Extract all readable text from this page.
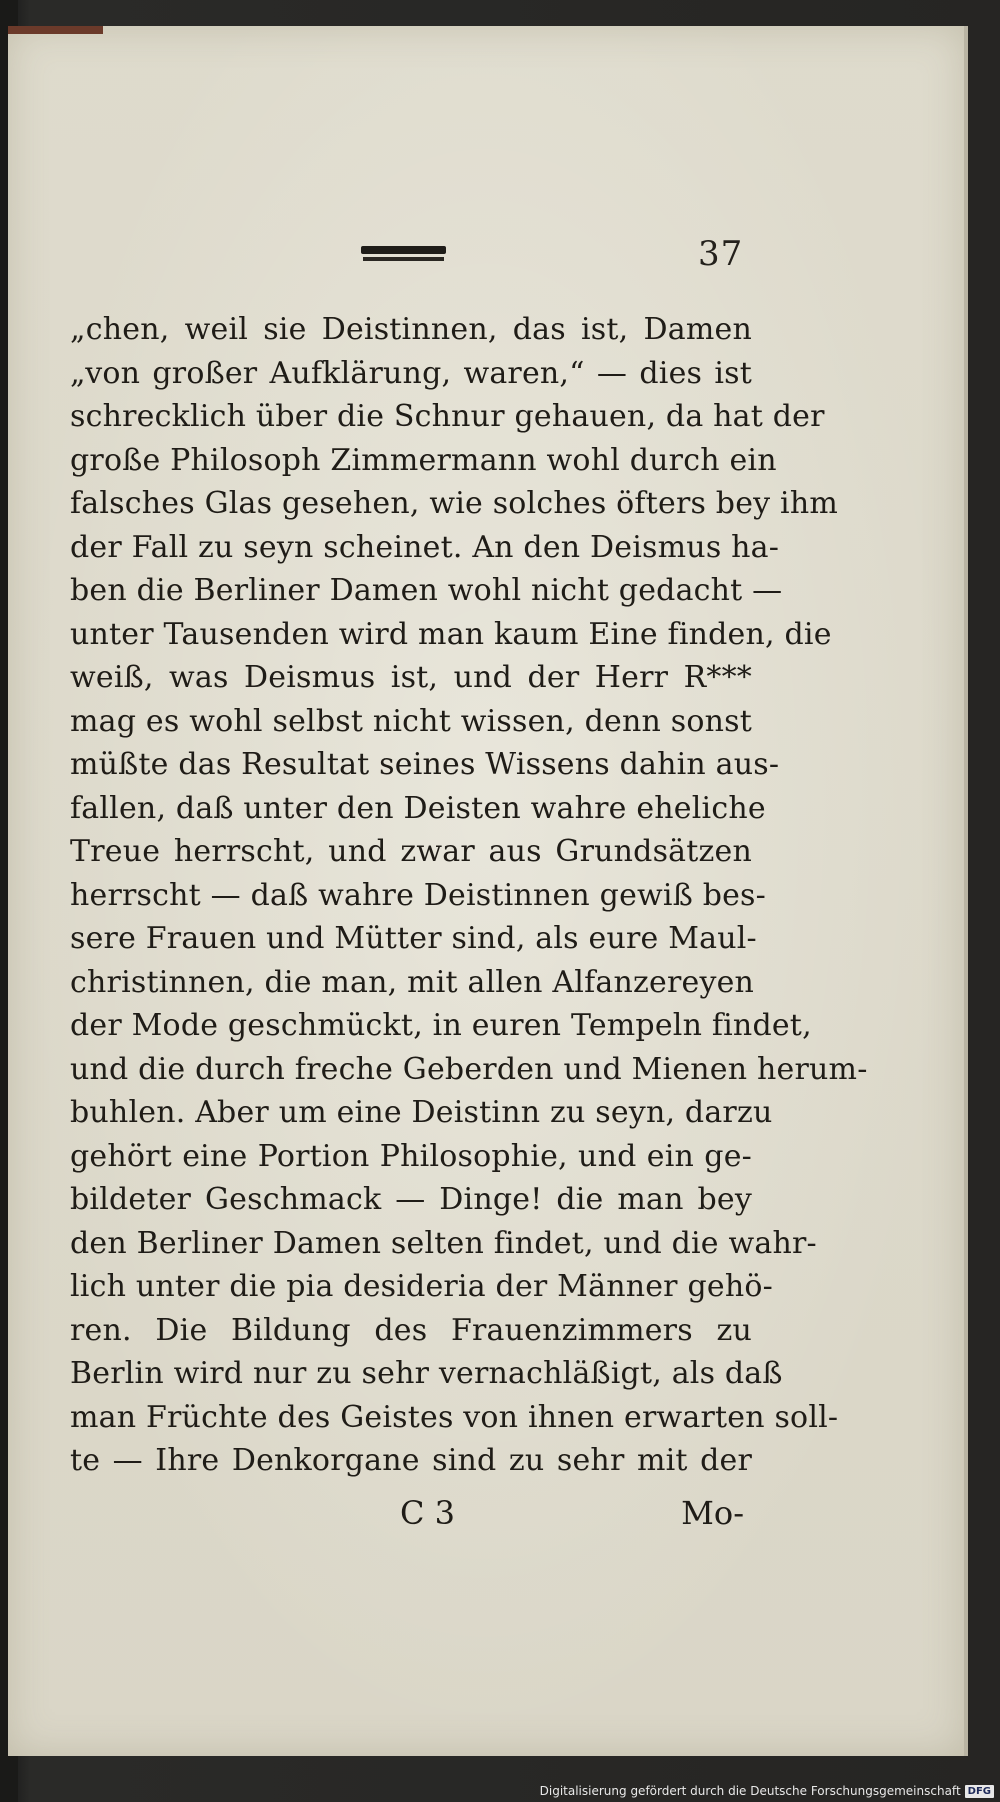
37
„chen, weil sie Deistinnen, das ist, Damen
„von großer Aufklärung, waren,“ — dies ist
schrecklich über die Schnur gehauen, da hat der
große Philosoph Zimmermann wohl durch ein
falsches Glas gesehen, wie solches öfters bey ihm
der Fall zu seyn scheinet. An den Deismus ha-
ben die Berliner Damen wohl nicht gedacht —
unter Tausenden wird man kaum Eine finden, die
weiß, was Deismus ist, und der Herr R***
mag es wohl selbst nicht wissen, denn sonst
müßte das Resultat seines Wissens dahin aus-
fallen, daß unter den Deisten wahre eheliche
Treue herrscht, und zwar aus Grundsätzen
herrscht — daß wahre Deistinnen gewiß bes-
sere Frauen und Mütter sind, als eure Maul-
christinnen, die man, mit allen Alfanzereyen
der Mode geschmückt, in euren Tempeln findet,
und die durch freche Geberden und Mienen herum-
buhlen. Aber um eine Deistinn zu seyn, darzu
gehört eine Portion Philosophie, und ein ge-
bildeter Geschmack — Dinge! die man bey
den Berliner Damen selten findet, und die wahr-
lich unter die pia desideria der Männer gehö-
ren. Die Bildung des Frauenzimmers zu
Berlin wird nur zu sehr vernachläßigt, als daß
man Früchte des Geistes von ihnen erwarten soll-
te — Ihre Denkorgane sind zu sehr mit der
C 3	Mo-
Digitalisierung gefördert durch die Deutsche Forschungsgemeinschaft DFG
